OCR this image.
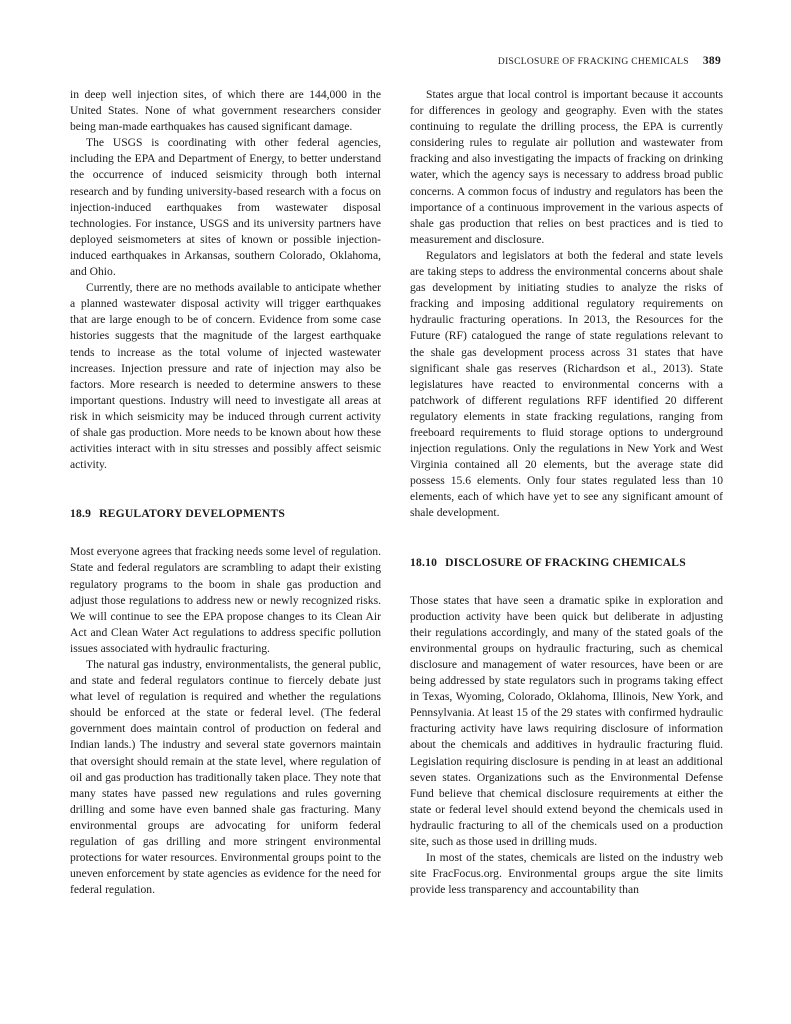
DISCLOSURE OF FRACKING CHEMICALS 389

in deep well injection sites, of which there are 144,000 in the United States. None of what government researchers consider being man-made earthquakes has caused significant damage.

The USGS is coordinating with other federal agencies, including the EPA and Department of Energy, to better understand the occurrence of induced seismicity through both internal research and by funding university-based research with a focus on injection-induced earthquakes from wastewater disposal technologies. For instance, USGS and its university partners have deployed seismometers at sites of known or possible injection-induced earthquakes in Arkansas, southern Colorado, Oklahoma, and Ohio.

Currently, there are no methods available to anticipate whether a planned wastewater disposal activity will trigger earthquakes that are large enough to be of concern. Evidence from some case histories suggests that the magnitude of the largest earthquake tends to increase as the total volume of injected wastewater increases. Injection pressure and rate of injection may also be factors. More research is needed to determine answers to these important questions. Industry will need to investigate all areas at risk in which seismicity may be induced through current activity of shale gas production. More needs to be known about how these activities interact with in situ stresses and possibly affect seismic activity.

18.9 REGULATORY DEVELOPMENTS

Most everyone agrees that fracking needs some level of regulation. State and federal regulators are scrambling to adapt their existing regulatory programs to the boom in shale gas production and adjust those regulations to address new or newly recognized risks. We will continue to see the EPA propose changes to its Clean Air Act and Clean Water Act regulations to address specific pollution issues associated with hydraulic fracturing.

The natural gas industry, environmentalists, the general public, and state and federal regulators continue to fiercely debate just what level of regulation is required and whether the regulations should be enforced at the state or federal level. (The federal government does maintain control of production on federal and Indian lands.) The industry and several state governors maintain that oversight should remain at the state level, where regulation of oil and gas production has traditionally taken place. They note that many states have passed new regulations and rules governing drilling and some have even banned shale gas fracturing. Many environmental groups are advocating for uniform federal regulation of gas drilling and more stringent environmental protections for water resources. Environmental groups point to the uneven enforcement by state agencies as evidence for the need for federal regulation.

States argue that local control is important because it accounts for differences in geology and geography. Even with the states continuing to regulate the drilling process, the EPA is currently considering rules to regulate air pollution and wastewater from fracking and also investigating the impacts of fracking on drinking water, which the agency says is necessary to address broad public concerns. A common focus of industry and regulators has been the importance of a continuous improvement in the various aspects of shale gas production that relies on best practices and is tied to measurement and disclosure.

Regulators and legislators at both the federal and state levels are taking steps to address the environmental concerns about shale gas development by initiating studies to analyze the risks of fracking and imposing additional regulatory requirements on hydraulic fracturing operations. In 2013, the Resources for the Future (RF) catalogued the range of state regulations relevant to the shale gas development process across 31 states that have significant shale gas reserves (Richardson et al., 2013). State legislatures have reacted to environmental concerns with a patchwork of different regulations RFF identified 20 different regulatory elements in state fracking regulations, ranging from freeboard requirements to fluid storage options to underground injection regulations. Only the regulations in New York and West Virginia contained all 20 elements, but the average state did possess 15.6 elements. Only four states regulated less than 10 elements, each of which have yet to see any significant amount of shale development.

18.10 DISCLOSURE OF FRACKING CHEMICALS

Those states that have seen a dramatic spike in exploration and production activity have been quick but deliberate in adjusting their regulations accordingly, and many of the stated goals of the environmental groups on hydraulic fracturing, such as chemical disclosure and management of water resources, have been or are being addressed by state regulators such in programs taking effect in Texas, Wyoming, Colorado, Oklahoma, Illinois, New York, and Pennsylvania. At least 15 of the 29 states with confirmed hydraulic fracturing activity have laws requiring disclosure of information about the chemicals and additives in hydraulic fracturing fluid. Legislation requiring disclosure is pending in at least an additional seven states. Organizations such as the Environmental Defense Fund believe that chemical disclosure requirements at either the state or federal level should extend beyond the chemicals used in hydraulic fracturing to all of the chemicals used on a production site, such as those used in drilling muds.

In most of the states, chemicals are listed on the industry web site FracFocus.org. Environmental groups argue the site limits provide less transparency and accountability than
